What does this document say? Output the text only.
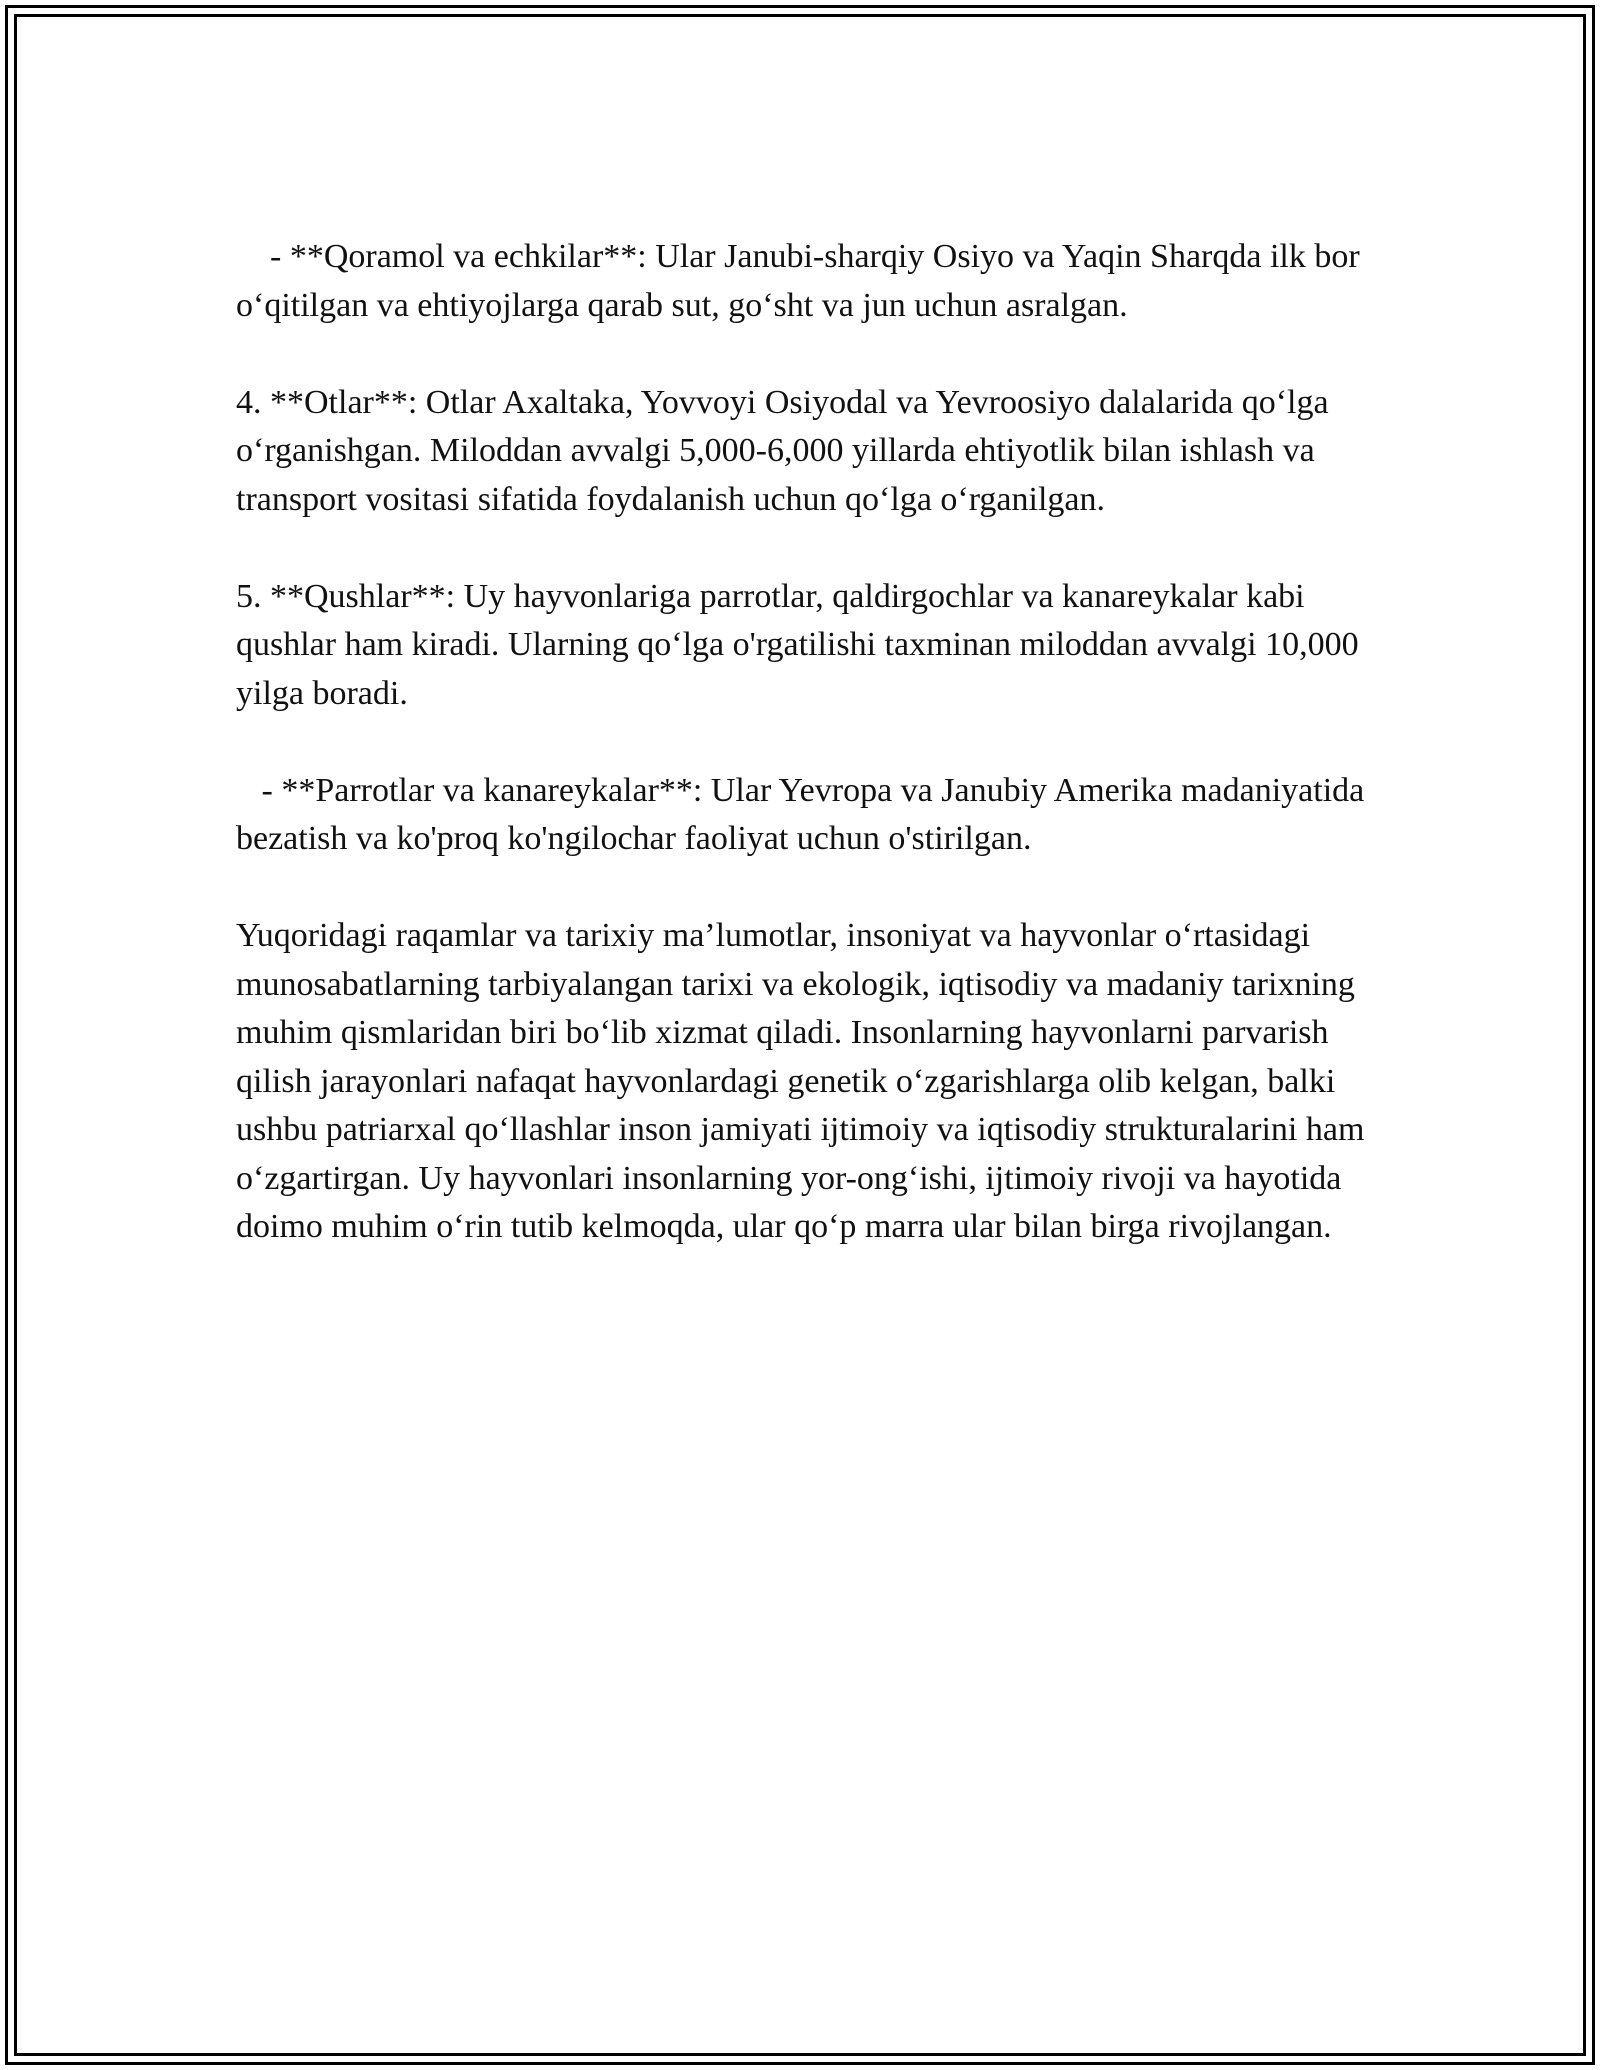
- **Qoramol va echkilar**: Ular Janubi-sharqiy Osiyo va Yaqin Sharqda ilk bor o‘qitilgan va ehtiyojlarga qarab sut, go‘sht va jun uchun asralgan.

4. **Otlar**: Otlar Axaltaka, Yovvoyi Osiyodal va Yevroosiyo dalalarida qo‘lga o‘rganishgan. Miloddan avvalgi 5,000-6,000 yillarda ehtiyotlik bilan ishlash va transport vositasi sifatida foydalanish uchun qo‘lga o‘rganilgan.

5. **Qushlar**: Uy hayvonlariga parrotlar, qaldirgochlar va kanareykalar kabi qushlar ham kiradi. Ularning qo‘lga o'rgatilishi taxminan miloddan avvalgi 10,000 yilga boradi.

- **Parrotlar va kanareykalar**: Ular Yevropa va Janubiy Amerika madaniyatida bezatish va ko'proq ko'ngilochar faoliyat uchun o'stirilgan.

Yuqoridagi raqamlar va tarixiy ma’lumotlar, insoniyat va hayvonlar o‘rtasidagi munosabatlarning tarbiyalangan tarixi va ekologik, iqtisodiy va madaniy tarixning muhim qismlaridan biri bo‘lib xizmat qiladi. Insonlarning hayvonlarni parvarish qilish jarayonlari nafaqat hayvonlardagi genetik o‘zgarishlarga olib kelgan, balki ushbu patriarxal qo‘llashlar inson jamiyati ijtimoiy va iqtisodiy strukturalarini ham o‘zgartirgan. Uy hayvonlari insonlarning yor-ong‘ishi, ijtimoiy rivoji va hayotida doimo muhim o‘rin tutib kelmoqda, ular qo‘p marra ular bilan birga rivojlangan.
